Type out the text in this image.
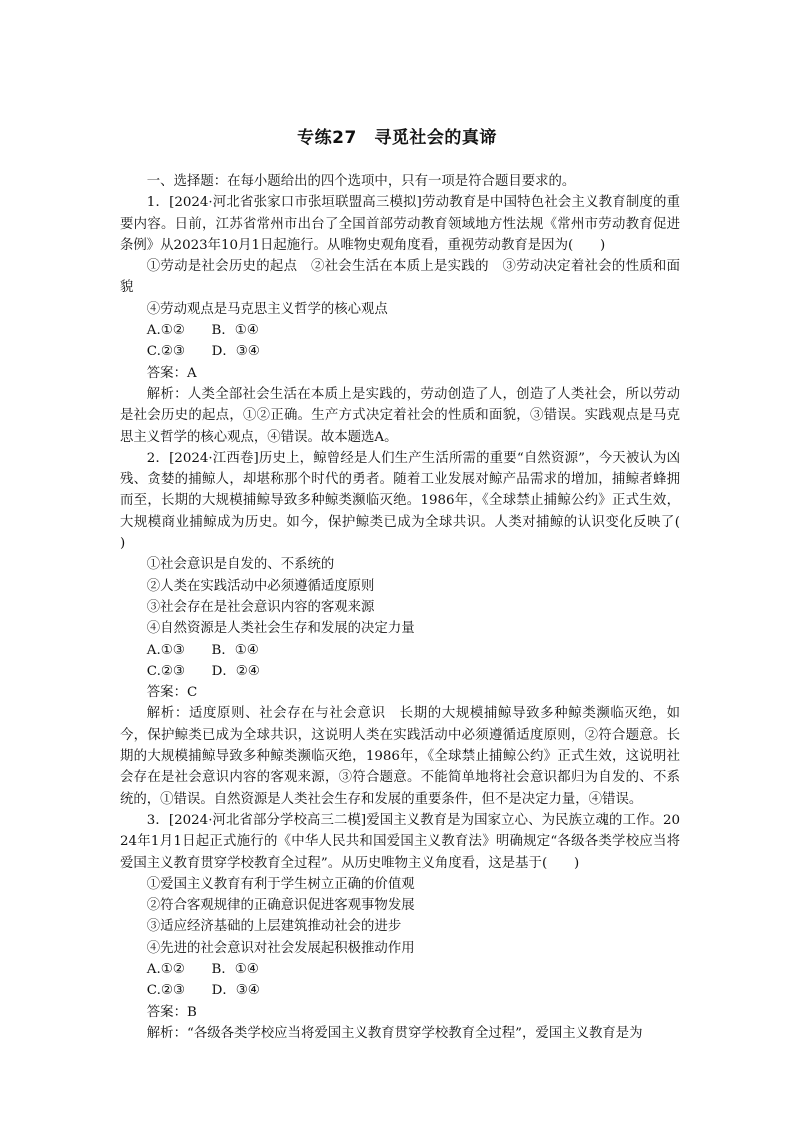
专练27　寻觅社会的真谛

一、选择题：在每小题给出的四个选项中，只有一项是符合题目要求的。

1．[2024·河北省张家口市张垣联盟高三模拟]劳动教育是中国特色社会主义教育制度的重要内容。日前，江苏省常州市出台了全国首部劳动教育领域地方性法规《常州市劳动教育促进条例》从2023年10月1日起施行。从唯物史观角度看，重视劳动教育是因为(　　)

①劳动是社会历史的起点　②社会生活在本质上是实践的　③劳动决定着社会的性质和面貌

④劳动观点是马克思主义哲学的核心观点

A.①②　　B．①④

C.②③　　D．③④

答案：A

解析：人类全部社会生活在本质上是实践的，劳动创造了人，创造了人类社会，所以劳动是社会历史的起点，①②正确。生产方式决定着社会的性质和面貌，③错误。实践观点是马克思主义哲学的核心观点，④错误。故本题选A。

2．[2024·江西卷]历史上，鲸曾经是人们生产生活所需的重要“自然资源”，今天被认为凶残、贪婪的捕鲸人，却堪称那个时代的勇者。随着工业发展对鲸产品需求的增加，捕鲸者蜂拥而至，长期的大规模捕鲸导致多种鲸类濒临灭绝。1986年，《全球禁止捕鲸公约》正式生效，大规模商业捕鲸成为历史。如今，保护鲸类已成为全球共识。人类对捕鲸的认识变化反映了(　　)

①社会意识是自发的、不系统的

②人类在实践活动中必须遵循适度原则

③社会存在是社会意识内容的客观来源

④自然资源是人类社会生存和发展的决定力量

A.①③　　B．①④

C.②③　　D．②④

答案：C

解析：适度原则、社会存在与社会意识　长期的大规模捕鲸导致多种鲸类濒临灭绝，如今，保护鲸类已成为全球共识，这说明人类在实践活动中必须遵循适度原则，②符合题意。长期的大规模捕鲸导致多种鲸类濒临灭绝，1986年，《全球禁止捕鲸公约》正式生效，这说明社会存在是社会意识内容的客观来源，③符合题意。不能简单地将社会意识都归为自发的、不系统的，①错误。自然资源是人类社会生存和发展的重要条件，但不是决定力量，④错误。

3．[2024·河北省部分学校高三二模]爱国主义教育是为国家立心、为民族立魂的工作。2024年1月1日起正式施行的《中华人民共和国爱国主义教育法》明确规定“各级各类学校应当将爱国主义教育贯穿学校教育全过程”。从历史唯物主义角度看，这是基于(　　)

①爱国主义教育有利于学生树立正确的价值观

②符合客观规律的正确意识促进客观事物发展

③适应经济基础的上层建筑推动社会的进步

④先进的社会意识对社会发展起积极推动作用

A.①②　　B．①④

C.②③　　D．③④

答案：B

解析：“各级各类学校应当将爱国主义教育贯穿学校教育全过程”，爱国主义教育是为
